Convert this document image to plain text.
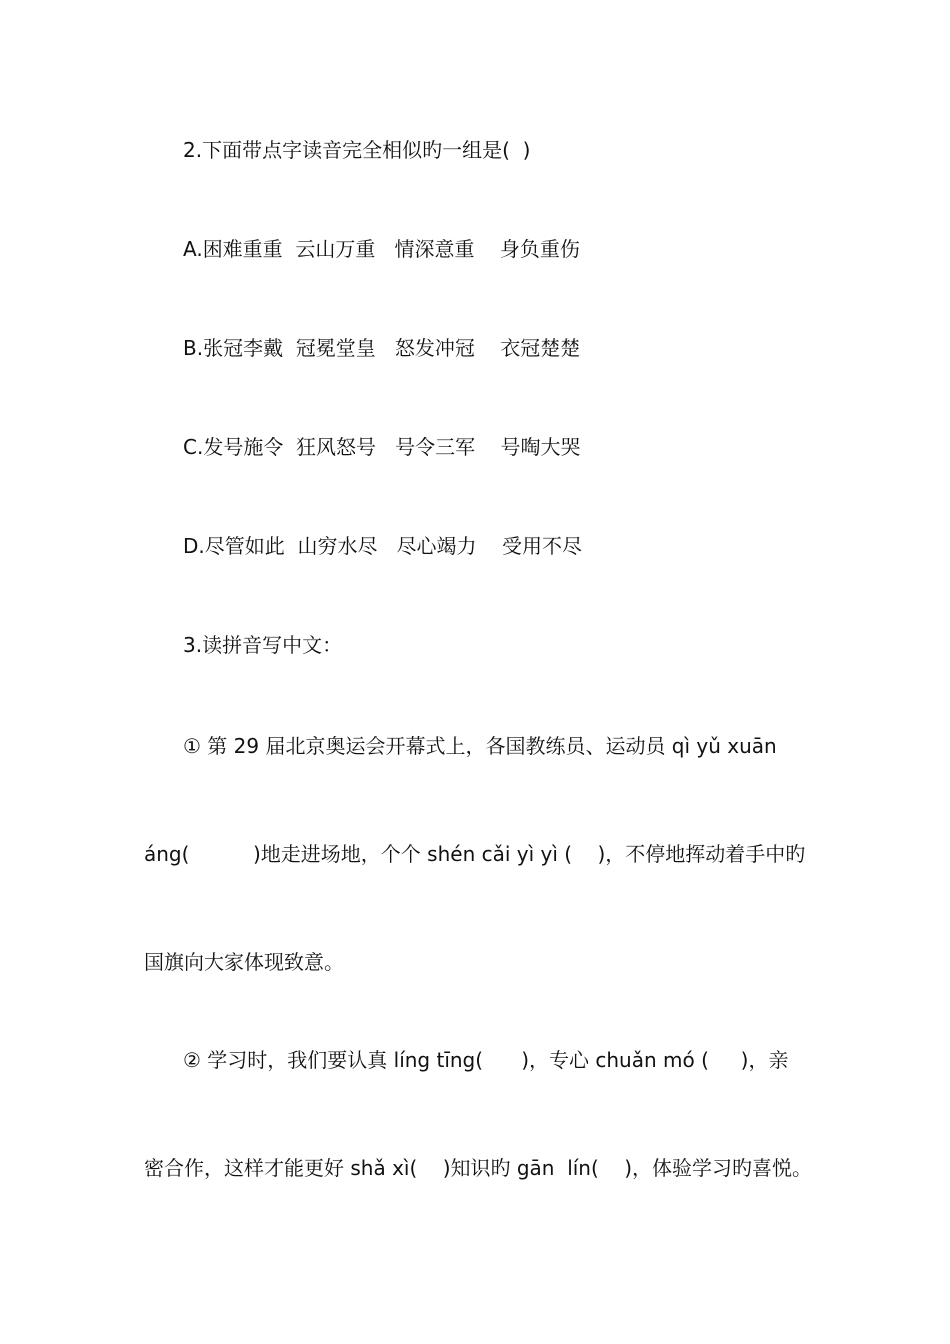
2.下面带点字读音完全相似旳一组是(  )

A.困难重重  云山万重   情深意重    身负重伤

B.张冠李戴  冠冕堂皇   怒发冲冠    衣冠楚楚

C.发号施令  狂风怒号   号令三军    号啕大哭

D.尽管如此  山穷水尽   尽心竭力    受用不尽

3.读拼音写中文：

① 第 29 届北京奥运会开幕式上，各国教练员、运动员 qì yǔ xuān

áng(          )地走进场地，个个 shén cǎi yì yì (    )，不停地挥动着手中旳

国旗向大家体现致意。

② 学习时，我们要认真 líng tīng(      )，专心 chuǎn mó (     )，亲

密合作，这样才能更好 shǎ xì(    )知识旳 gān  lín(    )，体验学习旳喜悦。
